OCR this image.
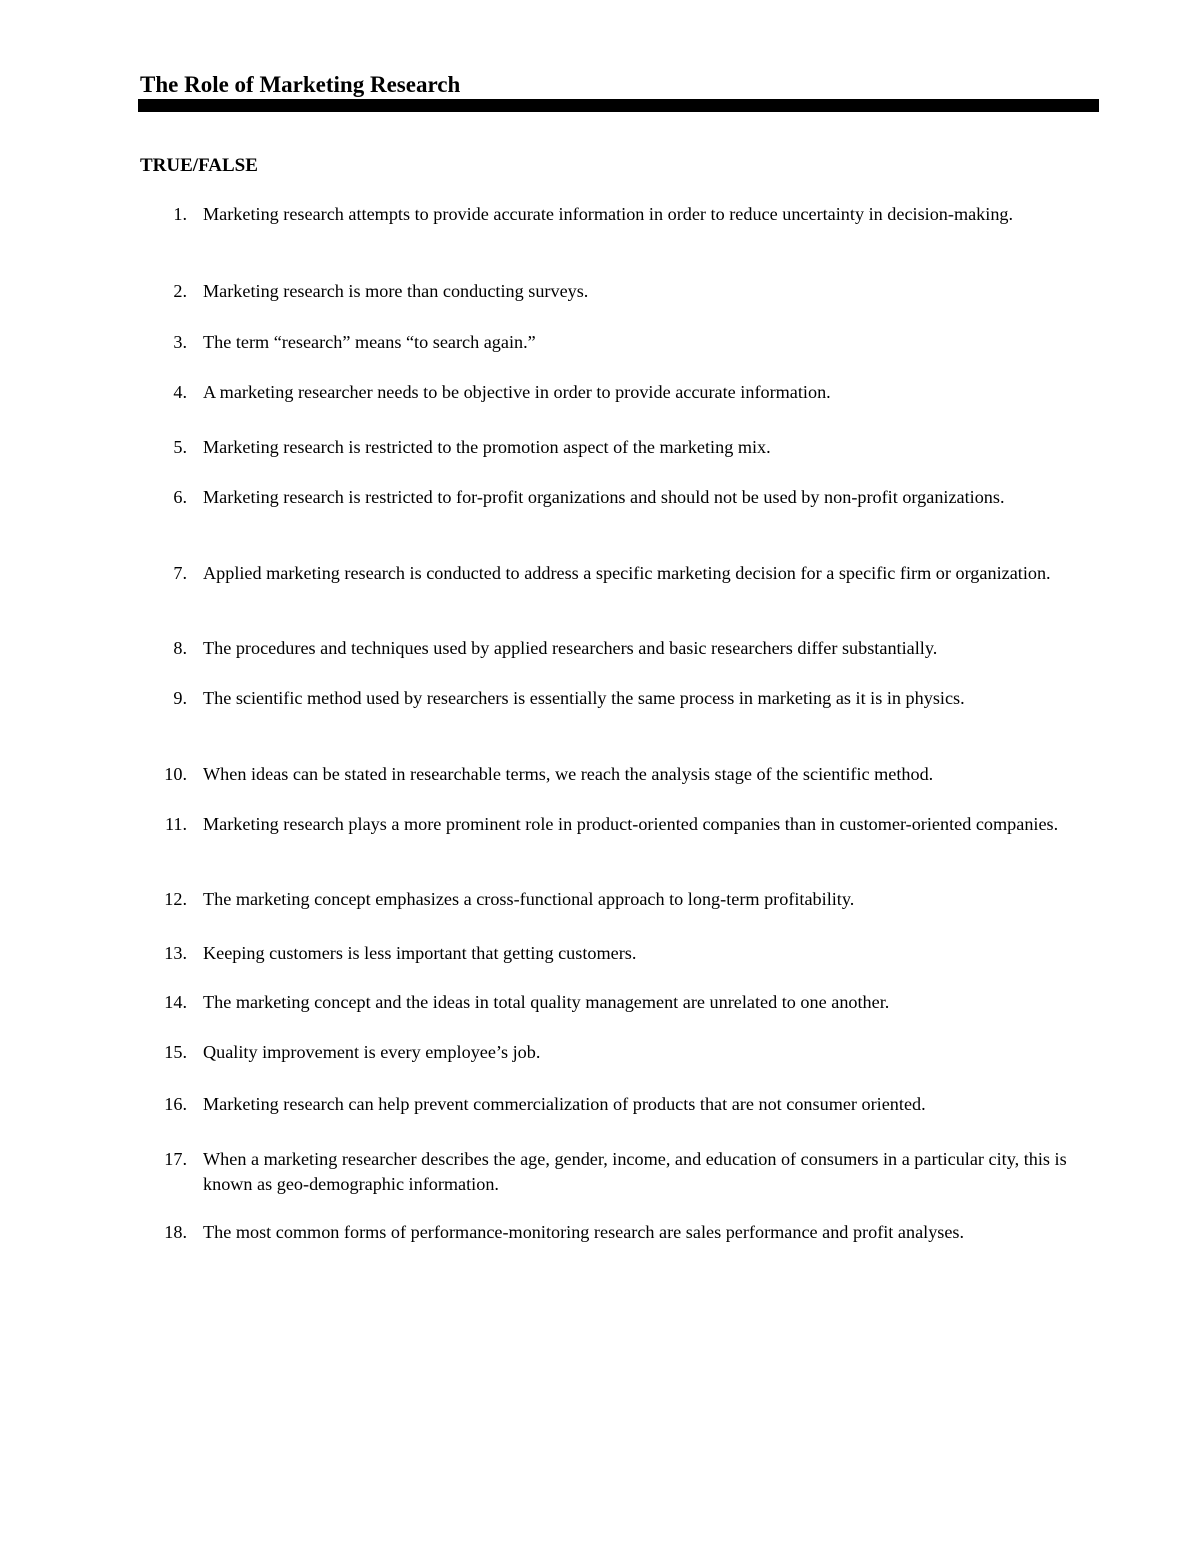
The Role of Marketing Research
TRUE/FALSE
1. Marketing research attempts to provide accurate information in order to reduce uncertainty in decision-making.
2. Marketing research is more than conducting surveys.
3. The term “research” means “to search again.”
4. A marketing researcher needs to be objective in order to provide accurate information.
5. Marketing research is restricted to the promotion aspect of the marketing mix.
6. Marketing research is restricted to for-profit organizations and should not be used by non-profit organizations.
7. Applied marketing research is conducted to address a specific marketing decision for a specific firm or organization.
8. The procedures and techniques used by applied researchers and basic researchers differ substantially.
9. The scientific method used by researchers is essentially the same process in marketing as it is in physics.
10. When ideas can be stated in researchable terms, we reach the analysis stage of the scientific method.
11. Marketing research plays a more prominent role in product-oriented companies than in customer-oriented companies.
12. The marketing concept emphasizes a cross-functional approach to long-term profitability.
13. Keeping customers is less important that getting customers.
14. The marketing concept and the ideas in total quality management are unrelated to one another.
15. Quality improvement is every employee’s job.
16. Marketing research can help prevent commercialization of products that are not consumer oriented.
17. When a marketing researcher describes the age, gender, income, and education of consumers in a particular city, this is known as geo-demographic information.
18. The most common forms of performance-monitoring research are sales performance and profit analyses.
